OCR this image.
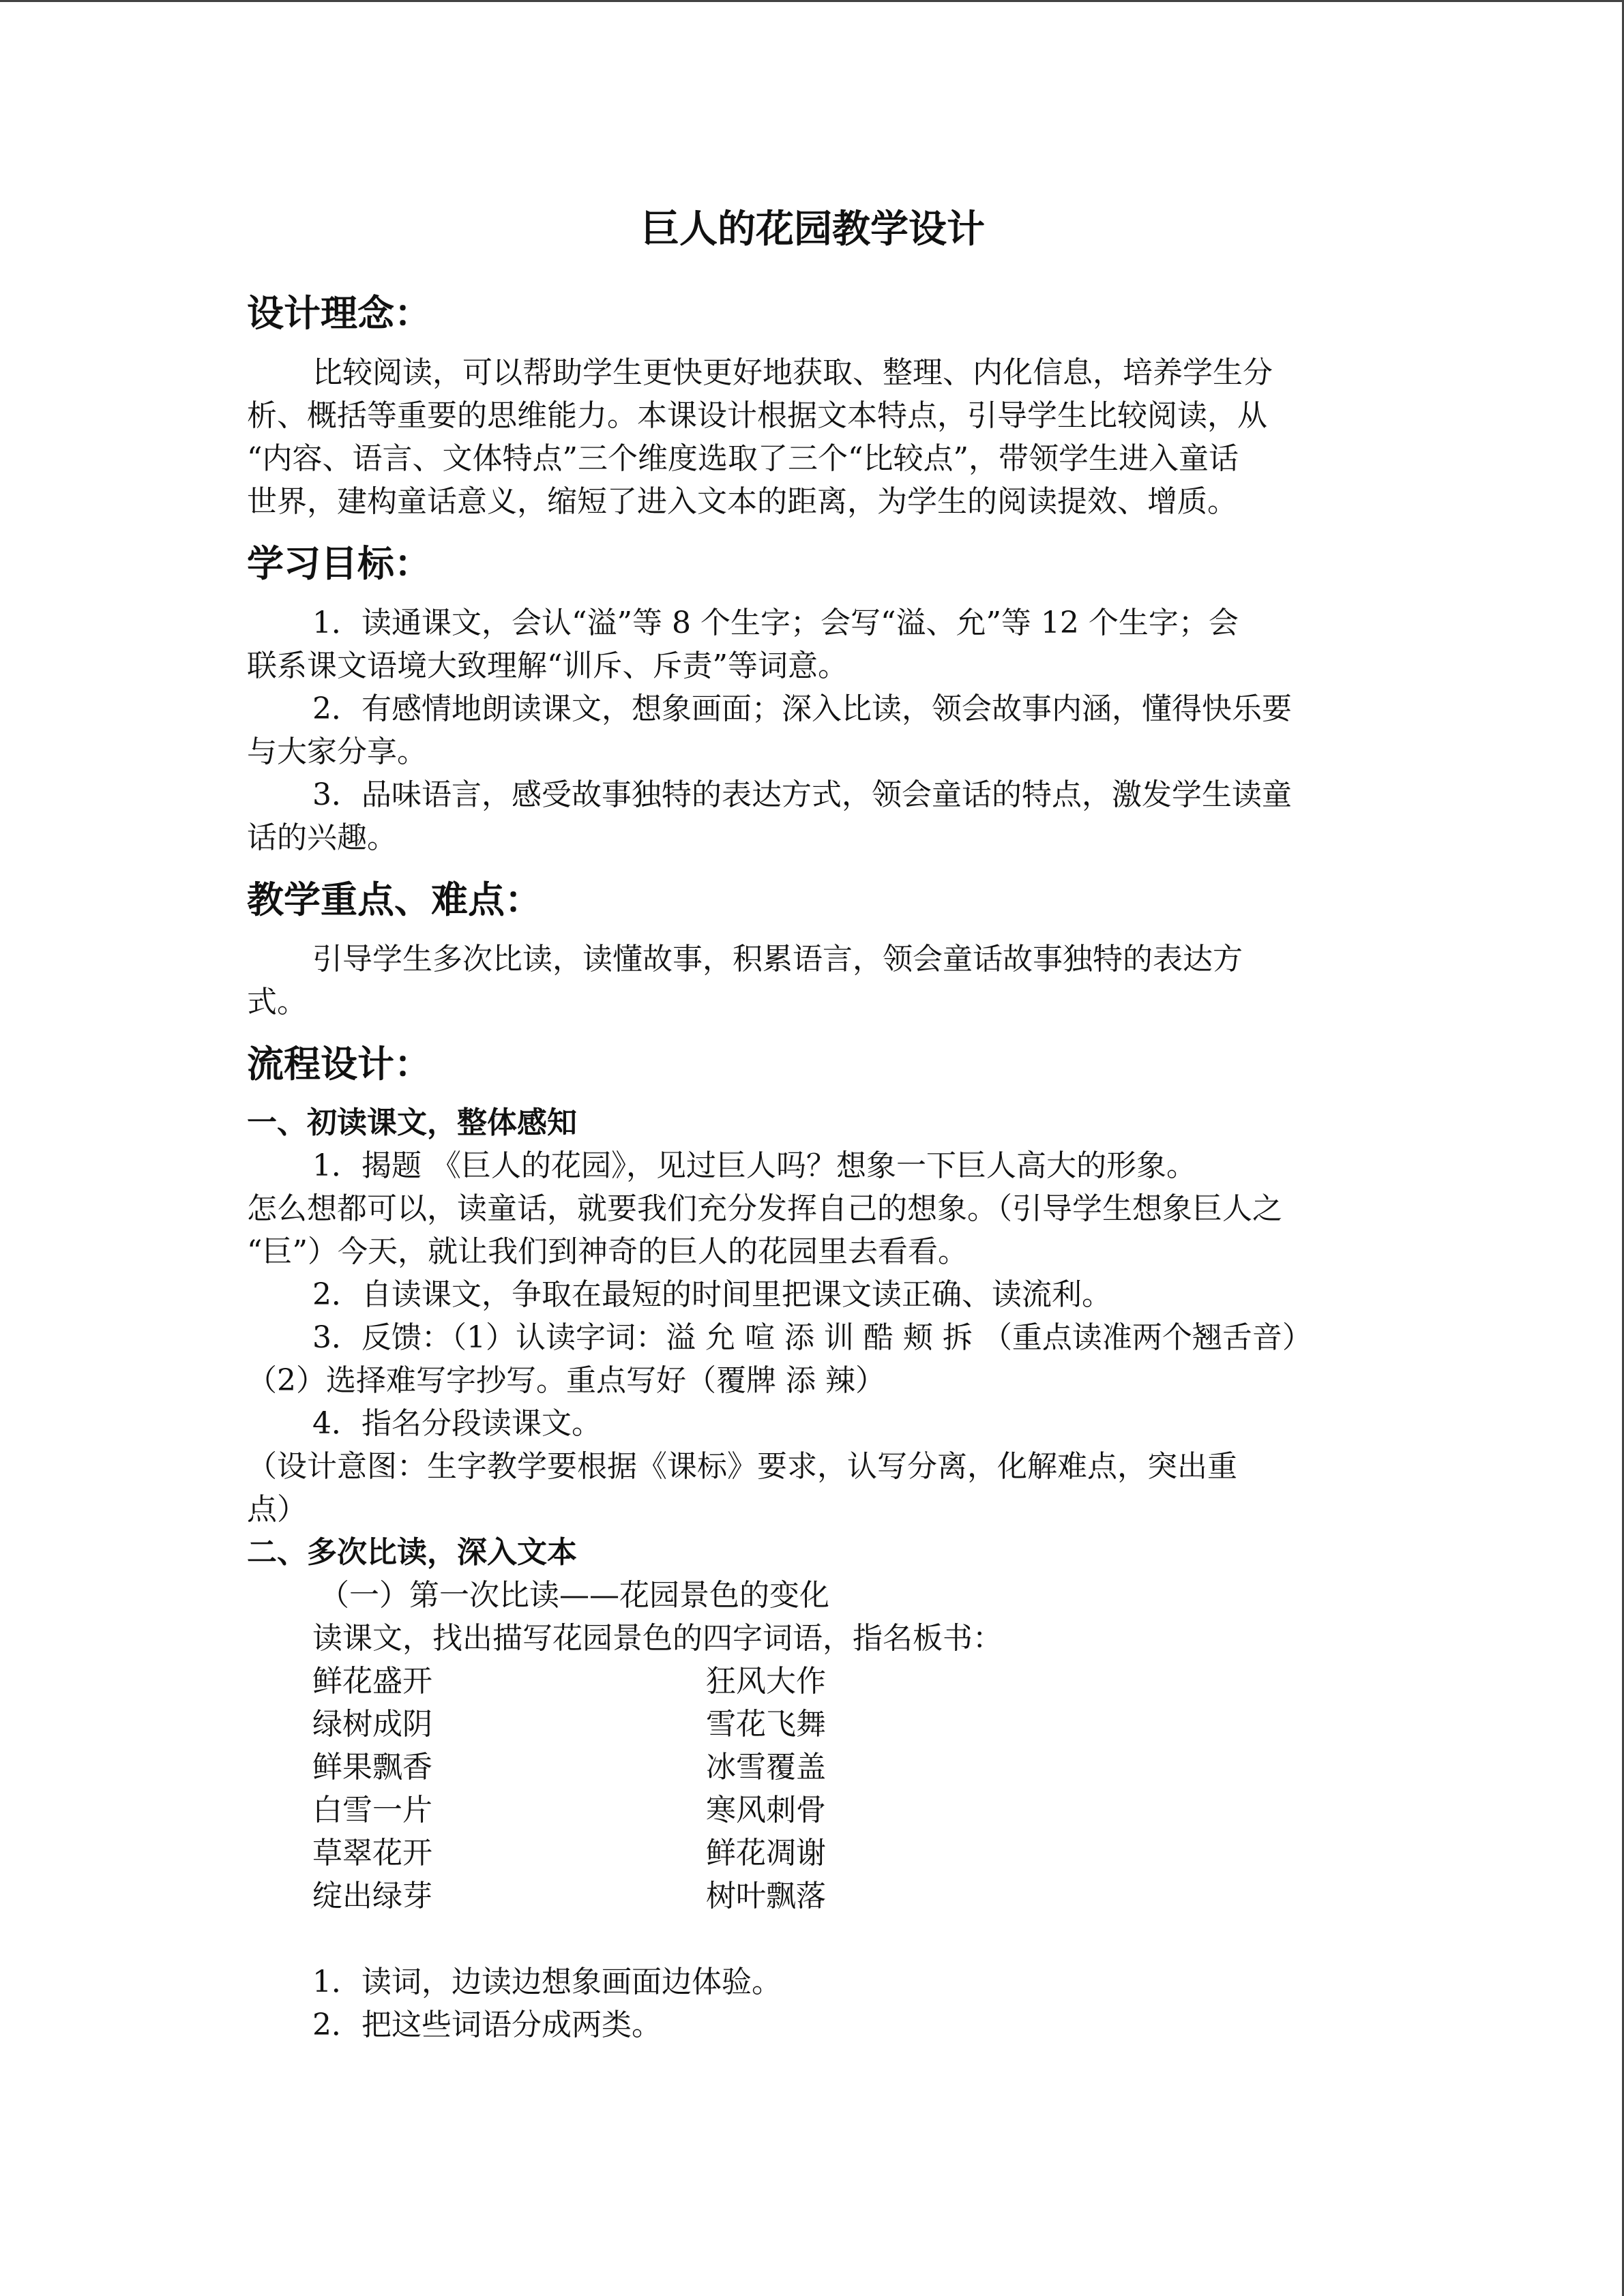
巨人的花园教学设计
设计理念：

比较阅读，可以帮助学生更快更好地获取、整理、内化信息，培养学生分

析、概括等重要的思维能力。本课设计根据文本特点，引导学生比较阅读，从

“内容、语言、文体特点”三个维度选取了三个“比较点”，带领学生进入童话

世界，建构童话意义，缩短了进入文本的距离，为学生的阅读提效、增质。

学习目标：

1．读通课文，会认“溢”等 8 个生字；会写“溢、允”等 12 个生字；会

联系课文语境大致理解“训斥、斥责”等词意。

2．有感情地朗读课文，想象画面；深入比读，领会故事内涵，懂得快乐要

与大家分享。

3．品味语言，感受故事独特的表达方式，领会童话的特点，激发学生读童

话的兴趣。

教学重点、难点：

引导学生多次比读，读懂故事，积累语言，领会童话故事独特的表达方

式。

流程设计：
一、初读课文，整体感知

1．揭题 《巨人的花园》，见过巨人吗？想象一下巨人高大的形象。

怎么想都可以，读童话，就要我们充分发挥自己的想象。（引导学生想象巨人之

“巨”）今天，就让我们到神奇的巨人的花园里去看看。

2．自读课文，争取在最短的时间里把课文读正确、读流利。

3．反馈：（1）认读字词：溢 允 喧 添 训 酷 颊 拆 （重点读准两个翘舌音）

（2）选择难写字抄写。重点写好（覆牌 添 辣）

4．指名分段读课文。

（设计意图：生字教学要根据《课标》要求，认写分离，化解难点，突出重

点）

二、多次比读，深入文本
（一）第一次比读——花园景色的变化
读课文，找出描写花园景色的四字词语，指名板书：
鲜花盛开	狂风大作
绿树成阴	雪花飞舞
鲜果飘香	冰雪覆盖
白雪一片	寒风刺骨
草翠花开	鲜花凋谢
绽出绿芽	树叶飘落

1．读词，边读边想象画面边体验。

2．把这些词语分成两类。
